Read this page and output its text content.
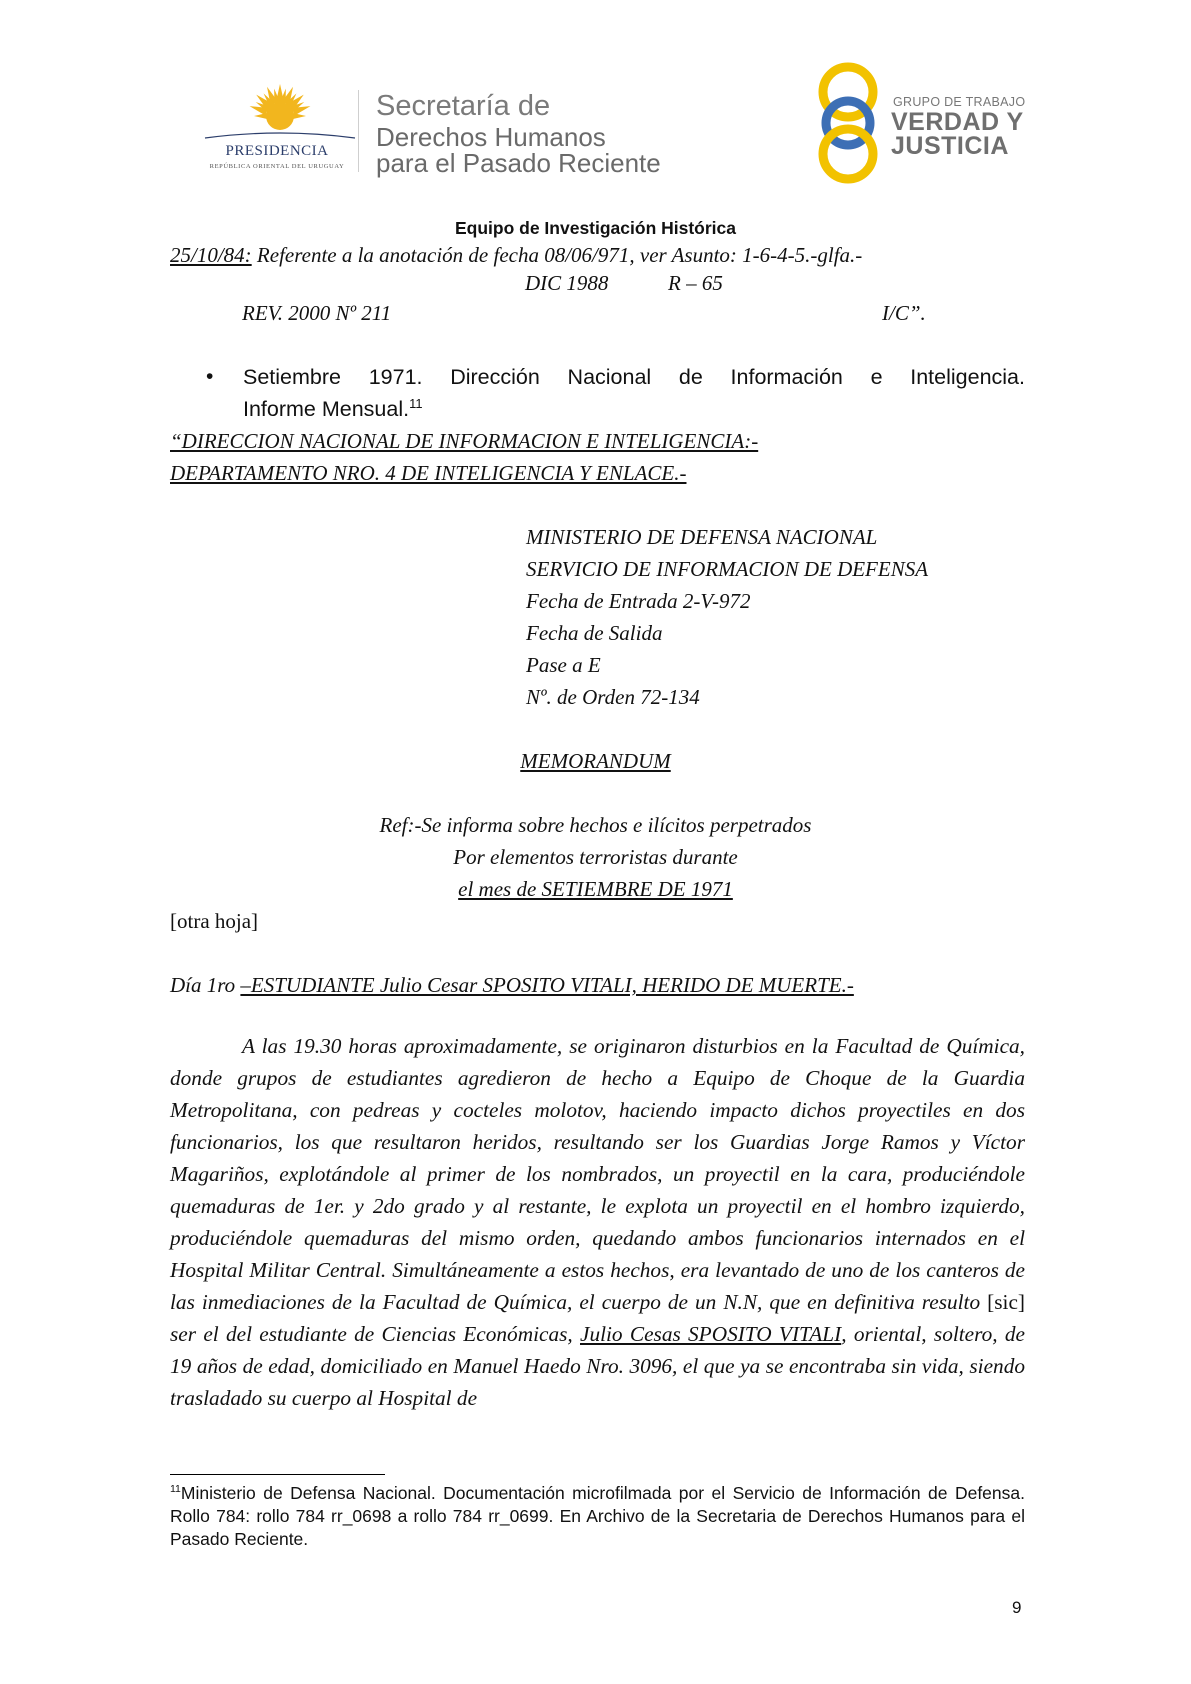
PRESIDENCIA
REPÚBLICA ORIENTAL DEL URUGUAY
Secretaría de
Derechos Humanos
para el Pasado Reciente
GRUPO DE TRABAJO
VERDAD Y
JUSTICIA
Equipo de Investigación Histórica
25/10/84: Referente a la anotación de fecha 08/06/971, ver Asunto: 1-6-4-5.-glfa.-
DIC 1988	R – 65
REV. 2000 Nº 211	I/C”.
• Setiembre 1971. Dirección Nacional de Información e Inteligencia.
Informe Mensual.$^{11}$
“DIRECCION NACIONAL DE INFORMACION E INTELIGENCIA:-
DEPARTAMENTO NRO. 4 DE INTELIGENCIA Y ENLACE.-
MINISTERIO DE DEFENSA NACIONAL
SERVICIO DE INFORMACION DE DEFENSA
Fecha de Entrada 2-V-972
Fecha de Salida
Pase a E
Nº. de Orden 72-134
MEMORANDUM
Ref:-Se informa sobre hechos e ilícitos perpetrados
Por elementos terroristas durante
el mes de SETIEMBRE DE 1971
[otra hoja]
Día 1ro –ESTUDIANTE Julio Cesar SPOSITO VITALI, HERIDO DE MUERTE.-
A las 19.30 horas aproximadamente, se originaron disturbios en la Facultad de Química, donde grupos de estudiantes agredieron de hecho a Equipo de Choque de la Guardia Metropolitana, con pedreas y cocteles molotov, haciendo impacto dichos proyectiles en dos funcionarios, los que resultaron heridos, resultando ser los Guardias Jorge Ramos y Víctor Magariños, explotándole al primer de los nombrados, un proyectil en la cara, produciéndole quemaduras de 1er. y 2do grado y al restante, le explota un proyectil en el hombro izquierdo, produciéndole quemaduras del mismo orden, quedando ambos funcionarios internados en el Hospital Militar Central. Simultáneamente a estos hechos, era levantado de uno de los canteros de las inmediaciones de la Facultad de Química, el cuerpo de un N.N, que en definitiva resulto [sic] ser el del estudiante de Ciencias Económicas, Julio Cesas SPOSITO VITALI, oriental, soltero, de 19 años de edad, domiciliado en Manuel Haedo Nro. 3096, el que ya se encontraba sin vida, siendo trasladado su cuerpo al Hospital de
$^{11}$Ministerio de Defensa Nacional. Documentación microfilmada por el Servicio de Información de Defensa. Rollo 784: rollo 784 rr_0698 a rollo 784 rr_0699. En Archivo de la Secretaria de Derechos Humanos para el Pasado Reciente.
9
